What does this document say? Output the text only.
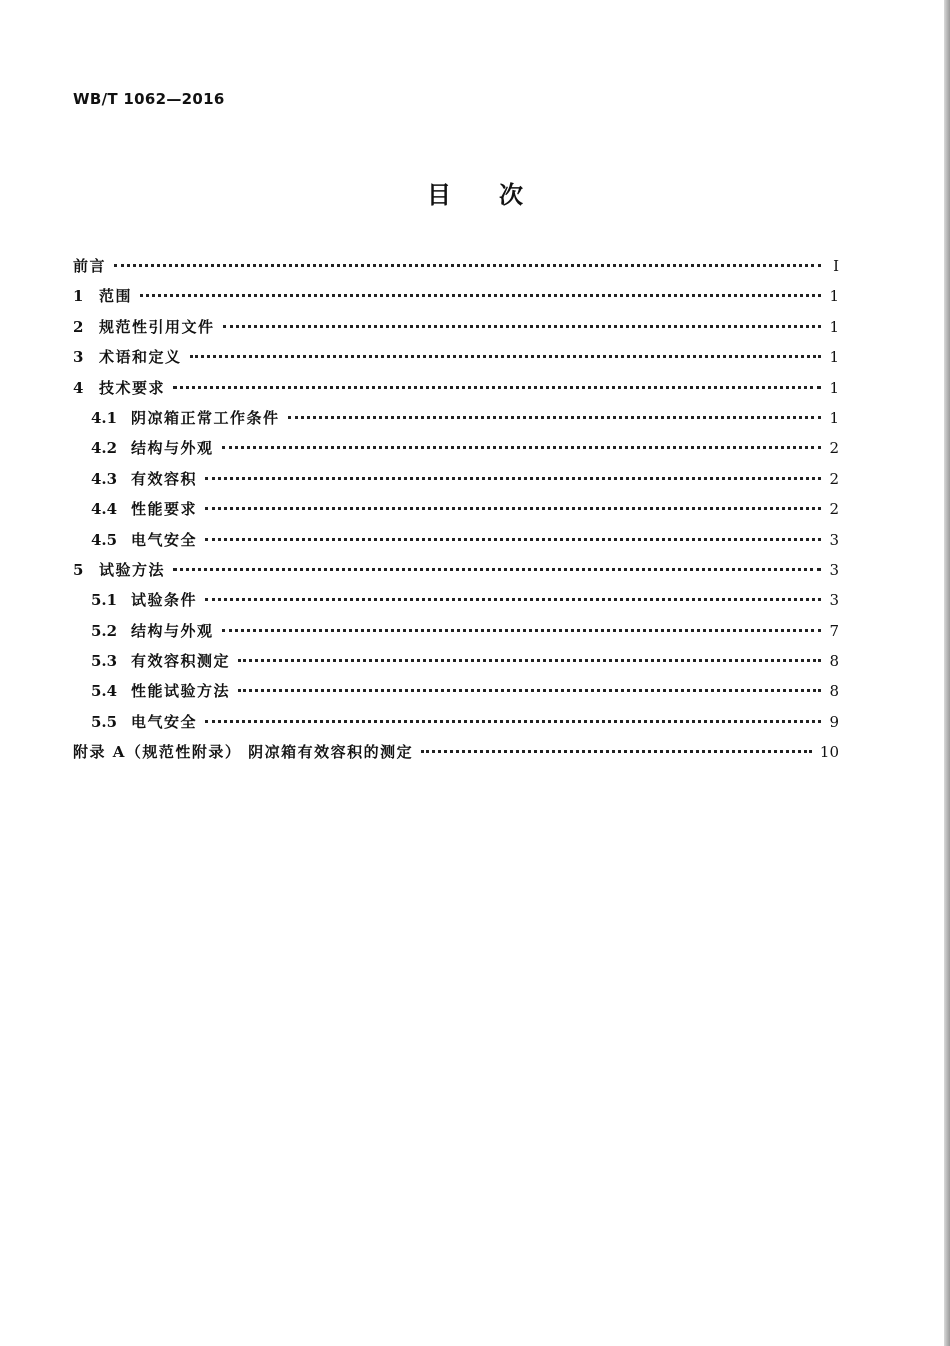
WB/T 1062—2016
目次
前言	I
1	范围	1
2	规范性引用文件	1
3	术语和定义	1
4	技术要求	1
4.1 阴凉箱正常工作条件	1
4.2 结构与外观	2
4.3 有效容积	2
4.4 性能要求	2
4.5 电气安全	3
5	试验方法	3
5.1 试验条件	3
5.2 结构与外观	7
5.3 有效容积测定	8
5.4 性能试验方法	8
5.5 电气安全	9
附录 A（规范性附录） 阴凉箱有效容积的测定	10
